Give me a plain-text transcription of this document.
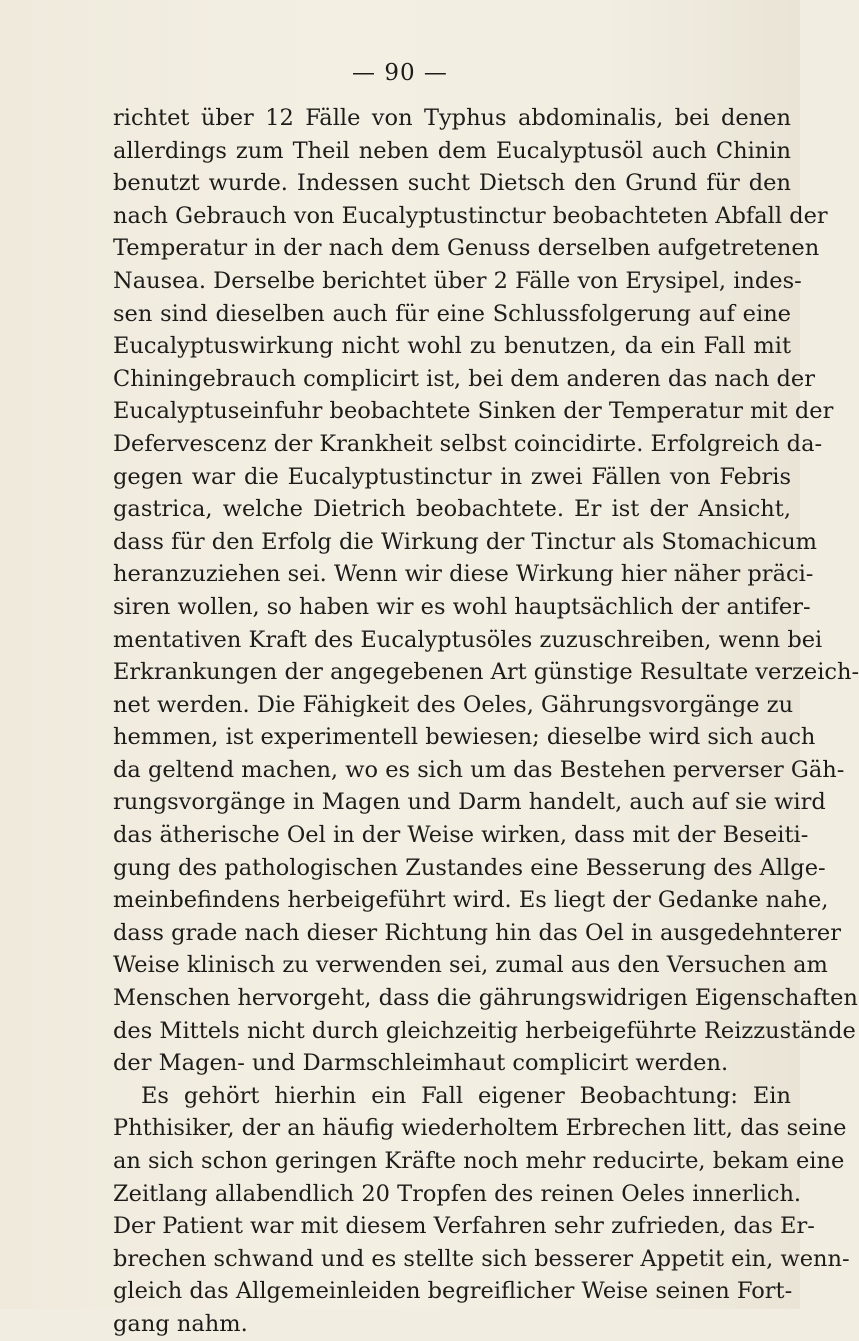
— 90 —
richtet über 12 Fälle von Typhus abdominalis, bei denen
allerdings zum Theil neben dem Eucalyptusöl auch Chinin
benutzt wurde. Indessen sucht Dietsch den Grund für den
nach Gebrauch von Eucalyptustinctur beobachteten Abfall der
Temperatur in der nach dem Genuss derselben aufgetretenen
Nausea. Derselbe berichtet über 2 Fälle von Erysipel, indes-
sen sind dieselben auch für eine Schlussfolgerung auf eine
Eucalyptuswirkung nicht wohl zu benutzen, da ein Fall mit
Chiningebrauch complicirt ist, bei dem anderen das nach der
Eucalyptuseinfuhr beobachtete Sinken der Temperatur mit der
Defervescenz der Krankheit selbst coincidirte. Erfolgreich da-
gegen war die Eucalyptustinctur in zwei Fällen von Febris
gastrica, welche Dietrich beobachtete. Er ist der Ansicht,
dass für den Erfolg die Wirkung der Tinctur als Stomachicum
heranzuziehen sei. Wenn wir diese Wirkung hier näher präci-
siren wollen, so haben wir es wohl hauptsächlich der antifer-
mentativen Kraft des Eucalyptusöles zuzuschreiben, wenn bei
Erkrankungen der angegebenen Art günstige Resultate verzeich-
net werden. Die Fähigkeit des Oeles, Gährungsvorgänge zu
hemmen, ist experimentell bewiesen; dieselbe wird sich auch
da geltend machen, wo es sich um das Bestehen perverser Gäh-
rungsvorgänge in Magen und Darm handelt, auch auf sie wird
das ätherische Oel in der Weise wirken, dass mit der Beseiti-
gung des pathologischen Zustandes eine Besserung des Allge-
meinbefindens herbeigeführt wird. Es liegt der Gedanke nahe,
dass grade nach dieser Richtung hin das Oel in ausgedehnterer
Weise klinisch zu verwenden sei, zumal aus den Versuchen am
Menschen hervorgeht, dass die gährungswidrigen Eigenschaften
des Mittels nicht durch gleichzeitig herbeigeführte Reizzustände
der Magen- und Darmschleimhaut complicirt werden.
Es gehört hierhin ein Fall eigener Beobachtung: Ein
Phthisiker, der an häufig wiederholtem Erbrechen litt, das seine
an sich schon geringen Kräfte noch mehr reducirte, bekam eine
Zeitlang allabendlich 20 Tropfen des reinen Oeles innerlich.
Der Patient war mit diesem Verfahren sehr zufrieden, das Er-
brechen schwand und es stellte sich besserer Appetit ein, wenn-
gleich das Allgemeinleiden begreiflicher Weise seinen Fort-
gang nahm.
